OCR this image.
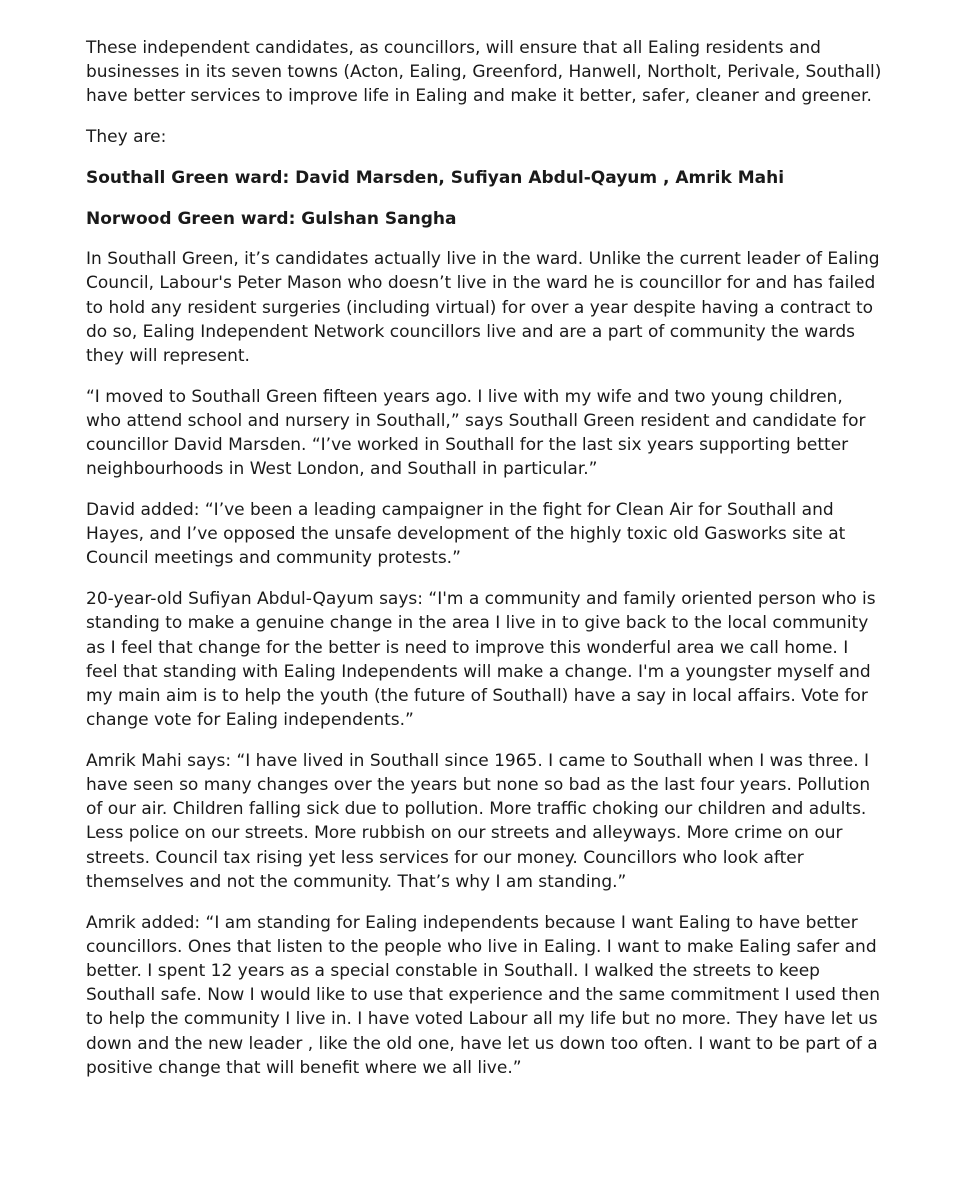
These independent candidates, as councillors, will ensure that all Ealing residents and businesses in its seven towns (Acton, Ealing, Greenford, Hanwell, Northolt, Perivale, Southall) have better services to improve life in Ealing and make it better, safer, cleaner and greener.

They are:

Southall Green ward: David Marsden, Sufiyan Abdul-Qayum , Amrik Mahi

Norwood Green ward: Gulshan Sangha

In Southall Green, it’s candidates actually live in the ward. Unlike the current leader of Ealing Council, Labour's Peter Mason who doesn’t live in the ward he is councillor for and has failed to hold any resident surgeries (including virtual) for over a year despite having a contract to do so, Ealing Independent Network councillors live and are a part of community the wards they will represent.

“I moved to Southall Green fifteen years ago. I live with my wife and two young children, who attend school and nursery in Southall,” says Southall Green resident and candidate for councillor David Marsden. “I’ve worked in Southall for the last six years supporting better neighbourhoods in West London, and Southall in particular.”

David added: “I’ve been a leading campaigner in the fight for Clean Air for Southall and Hayes, and I’ve opposed the unsafe development of the highly toxic old Gasworks site at Council meetings and community protests.”

20-year-old Sufiyan Abdul-Qayum says: “I'm a community and family oriented person who is standing to make a genuine change in the area I live in to give back to the local community as I feel that change for the better is need to improve this wonderful area we call home. I feel that standing with Ealing Independents will make a change. I'm a youngster myself and my main aim is to help the youth (the future of Southall) have a say in local affairs. Vote for change vote for Ealing independents.”

Amrik Mahi says: “I have lived in Southall since 1965. I came to Southall when I was three. I have seen so many changes over the years but none so bad as the last four years. Pollution of our air. Children falling sick due to pollution. More traffic choking our children and adults. Less police on our streets. More rubbish on our streets and alleyways. More crime on our streets. Council tax rising yet less services for our money. Councillors who look after themselves and not the community. That’s why I am standing.”

Amrik added: “I am standing for Ealing independents because I want Ealing to have better councillors. Ones that listen to the people who live in Ealing. I want to make Ealing safer and better. I spent 12 years as a special constable in Southall. I walked the streets to keep Southall safe. Now I would like to use that experience and the same commitment I used then to help the community I live in. I have voted Labour all my life but no more. They have let us down and the new leader , like the old one, have let us down too often. I want to be part of a positive change that will benefit where we all live.”
